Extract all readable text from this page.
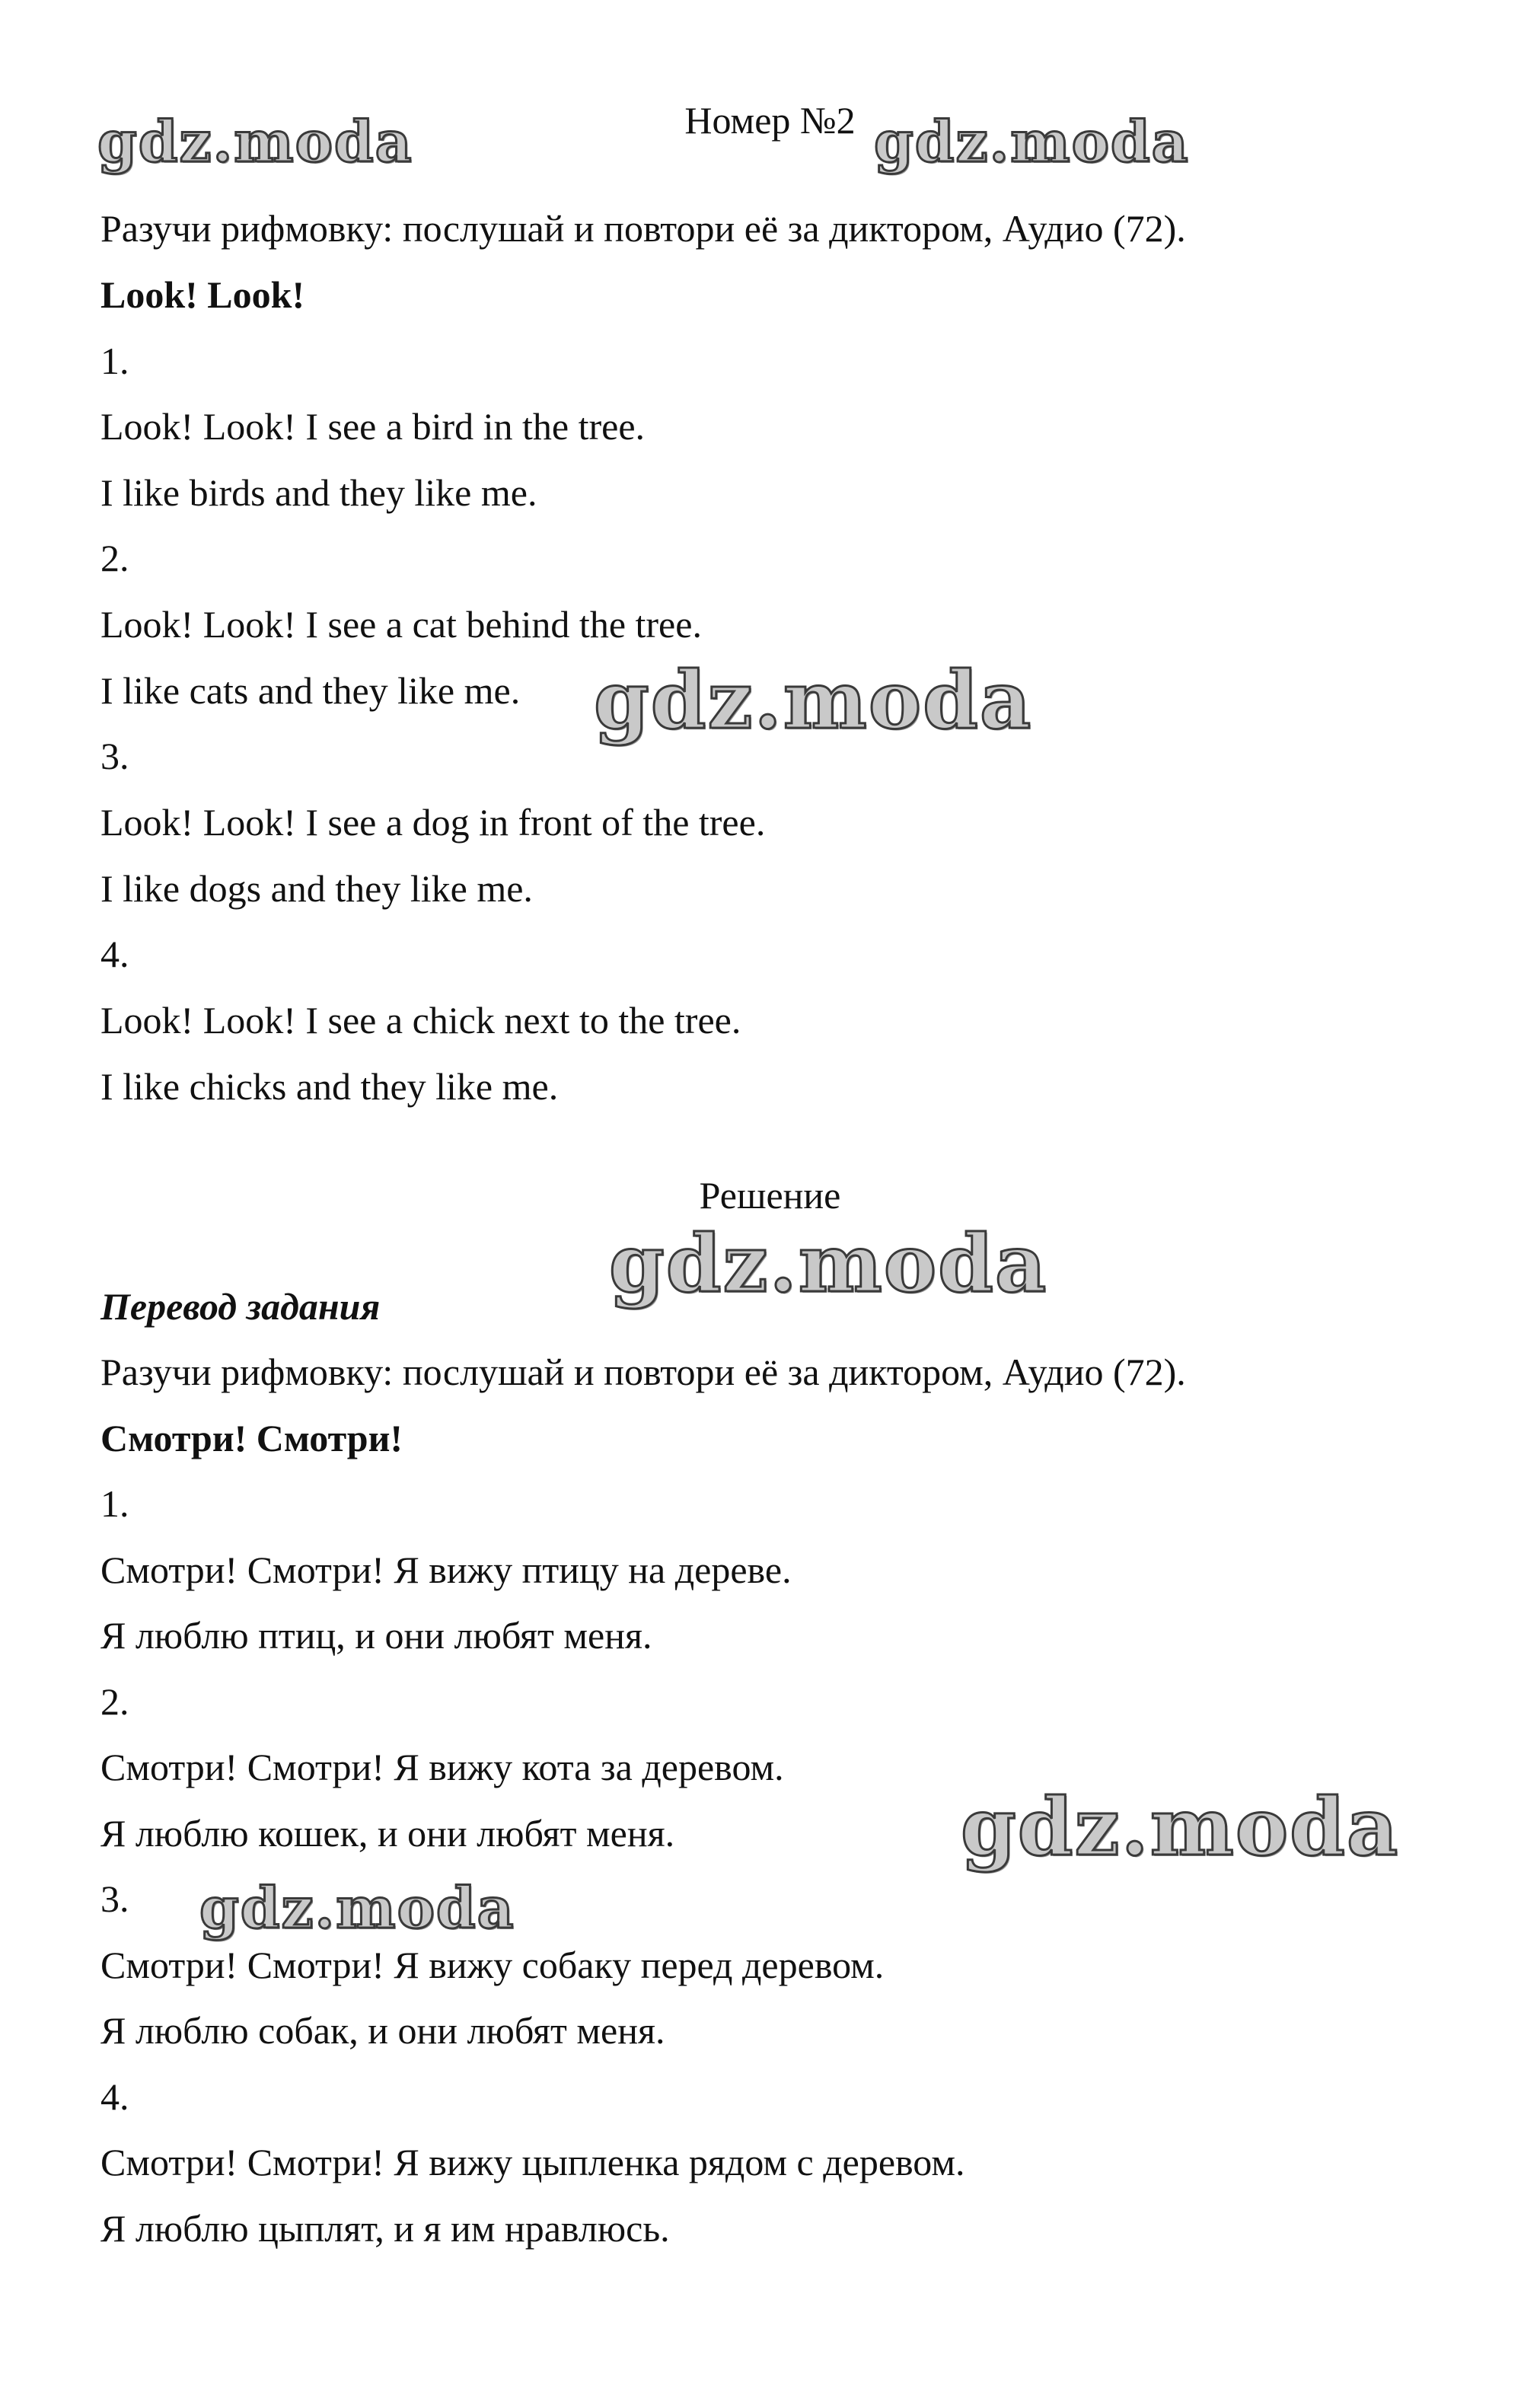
Номер №2
Разучи рифмовку: послушай и повтори её за диктором, Аудио (72).
Look! Look!
1.
Look! Look! I see a bird in the tree.
I like birds and they like me.
2.
Look! Look! I see a cat behind the tree.
I like cats and they like me.
3.
Look! Look! I see a dog in front of the tree.
I like dogs and they like me.
4.
Look! Look! I see a chick next to the tree.
I like chicks and they like me.
Решение
Перевод задания
Разучи рифмовку: послушай и повтори её за диктором, Аудио (72).
Смотри! Смотри!
1.
Смотри! Смотри! Я вижу птицу на дереве.
Я люблю птиц, и они любят меня.
2.
Смотри! Смотри! Я вижу кота за деревом.
Я люблю кошек, и они любят меня.
3.
Смотри! Смотри! Я вижу собаку перед деревом.
Я люблю собак, и они любят меня.
4.
Смотри! Смотри! Я вижу цыпленка рядом с деревом.
Я люблю цыплят, и я им нравлюсь.
gdz.moda	gdz.moda
gdz.moda
gdz.moda
gdz.moda
gdz.moda
